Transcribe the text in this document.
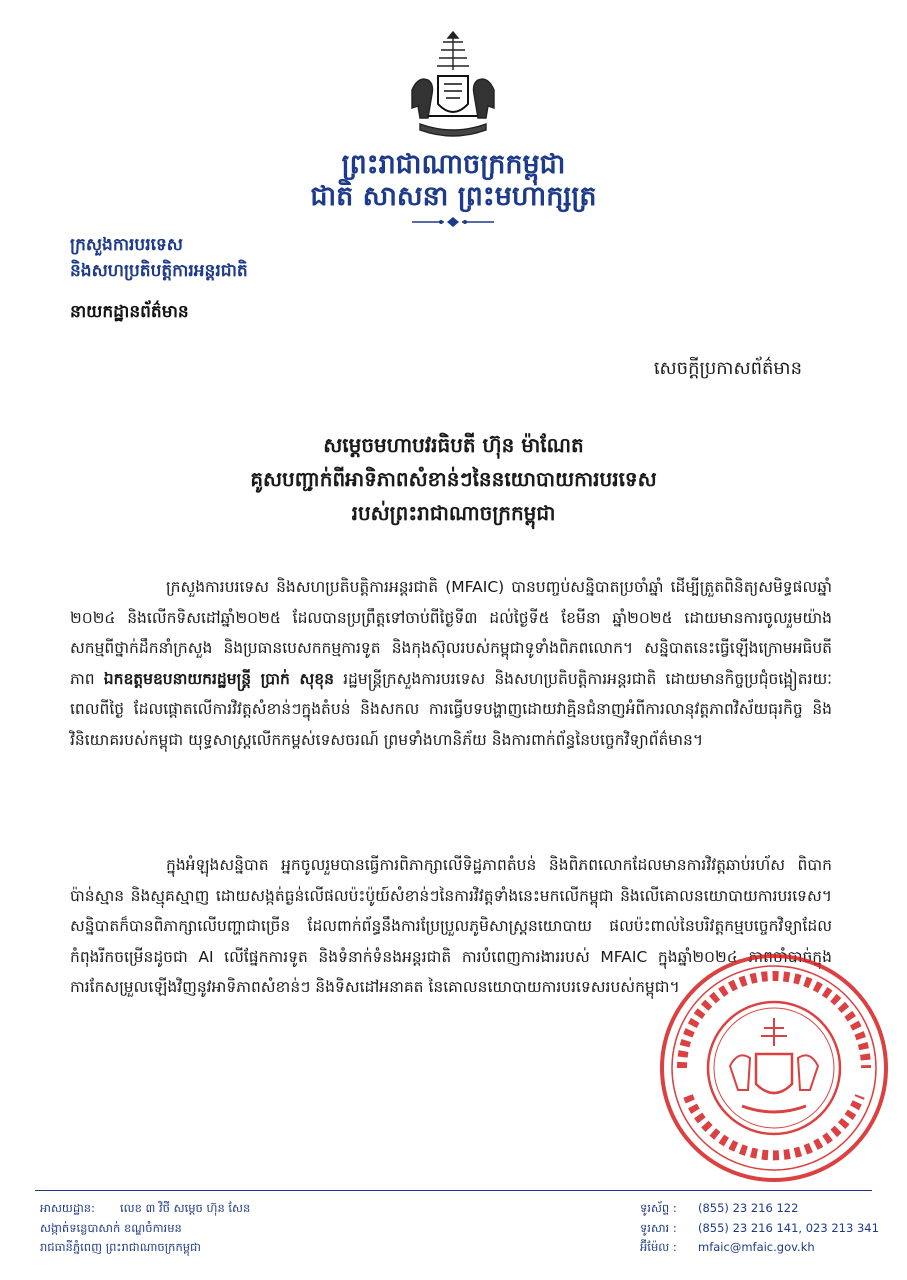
ព្រះរាជាណាចក្រកម្ពុជា
ជាតិ សាសនា ព្រះមហាក្សត្រ
ក្រសួងការបរទេស
និងសហប្រតិបត្តិការអន្តរជាតិ
នាយកដ្ឋានព័ត៌មាន
សេចក្តីប្រកាសព័ត៌មាន
សម្តេចមហាបវរធិបតី ហ៊ុន ម៉ាណែត
គូសបញ្ជាក់ពីអាទិភាពសំខាន់ៗនៃនយោបាយការបរទេស
របស់ព្រះរាជាណាចក្រកម្ពុជា
ក្រសួងការបរទេស និងសហប្រតិបត្តិការអន្តរជាតិ (MFAIC) បានបញ្ចប់សន្និបាតប្រចាំឆ្នាំ ដើម្បីត្រួតពិនិត្យសមិទ្ធផលឆ្នាំ ២០២៤ និងលើកទិសដៅឆ្នាំ២០២៥ ដែលបានប្រព្រឹត្តទៅចាប់ពីថ្ងៃទី៣ ដល់ថ្ងៃទី៥ ខែមីនា ឆ្នាំ២០២៥ ដោយមានការចូលរួមយ៉ាងសកម្មពីថ្នាក់ដឹកនាំក្រសួង និងប្រធានបេសកកម្មការទូត និងកុងស៊ុលរបស់កម្ពុជាទូទាំងពិភពលោក។ សន្និបាតនេះធ្វើឡើងក្រោមអធិបតីភាព ឯកឧត្តមឧបនាយករដ្ឋមន្ត្រី ប្រាក់ សុខុន រដ្ឋមន្ត្រីក្រសួងការបរទេស និងសហប្រតិបត្តិការអន្តរជាតិ ដោយមានកិច្ចប្រជុំចង្អៀតរយៈពេលពីថ្ងៃ ដែលផ្តោតលើការវិវត្តសំខាន់ៗក្នុងតំបន់ និងសកល ការធ្វើបទបង្ហាញដោយវាគ្មិនជំនាញអំពីការលានុវត្តភាពវិស័យធុរកិច្ច និងវិនិយោគរបស់កម្ពុជា យុទ្ធសាស្ត្រលើកកម្ពស់ទេសចរណ៍ ព្រមទាំងហានិភ័យ និងការពាក់ព័ន្ធនៃបច្ចេកវិទ្យាព័ត៌មាន។
ក្នុងអំឡុងសន្និបាត អ្នកចូលរួមបានធ្វើការពិភាក្សាលើទិដ្ឋភាពតំបន់ និងពិភពលោកដែលមានការវិវត្តឆាប់រហ័ស ពិបាកប៉ាន់ស្មាន និងស្មុគស្មាញ ដោយសង្កត់ធ្ងន់លើផលប៉ះប៉ូយ៍សំខាន់ៗនៃការវិវត្តទាំងនេះមកលើកម្ពុជា និងលើគោលនយោបាយការបរទេស។ សន្និបាតក៏បានពិភាក្សាលើបញ្ហាជាច្រើន ដែលពាក់ព័ន្ធនឹងការប្រែប្រួលភូមិសាស្ត្រនយោបាយ ផលប៉ះពាល់នៃបរិវត្តកម្មបច្ចេកវិទ្យាដែលកំពុងរីកចម្រើនដូចជា AI លើផ្នែកការទូត និងទំនាក់ទំនងអន្តរជាតិ ការបំពេញការងាររបស់ MFAIC ក្នុងឆ្នាំ២០២៤ ភាពចាំបាច់ក្នុងការកែសម្រួលឡើងវិញនូវអាទិភាពសំខាន់ៗ និងទិសដៅអនាគត នៃគោលនយោបាយការបរទេសរបស់កម្ពុជា។
អាសយដ្ឋាន: លេខ ៣ វិថី សម្តេច ហ៊ុន សែន
សង្កាត់ទន្លេបាសាក់ ខណ្ឌចំការមន
រាជធានីភ្នំពេញ ព្រះរាជាណាចក្រកម្ពុជា
ទូរស័ព្ទ : (855) 23 216 122
ទូរសារ : (855) 23 216 141, 023 213 341
អ៊ីម៉ែល : mfaic@mfaic.gov.kh
